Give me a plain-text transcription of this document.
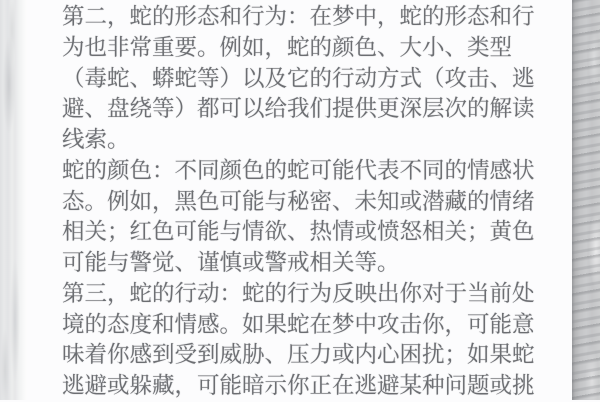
第二，蛇的形态和行为：在梦中，蛇的形态和行

为也非常重要。例如，蛇的颜色、大小、类型

（毒蛇、蟒蛇等）以及它的行动方式（攻击、逃

避、盘绕等）都可以给我们提供更深层次的解读

线索。

蛇的颜色：不同颜色的蛇可能代表不同的情感状

态。例如，黑色可能与秘密、未知或潜藏的情绪

相关；红色可能与情欲、热情或愤怒相关；黄色

可能与警觉、谨慎或警戒相关等。

第三，蛇的行动：蛇的行为反映出你对于当前处

境的态度和情感。如果蛇在梦中攻击你，可能意

味着你感到受到威胁、压力或内心困扰；如果蛇

逃避或躲藏，可能暗示你正在逃避某种问题或挑
